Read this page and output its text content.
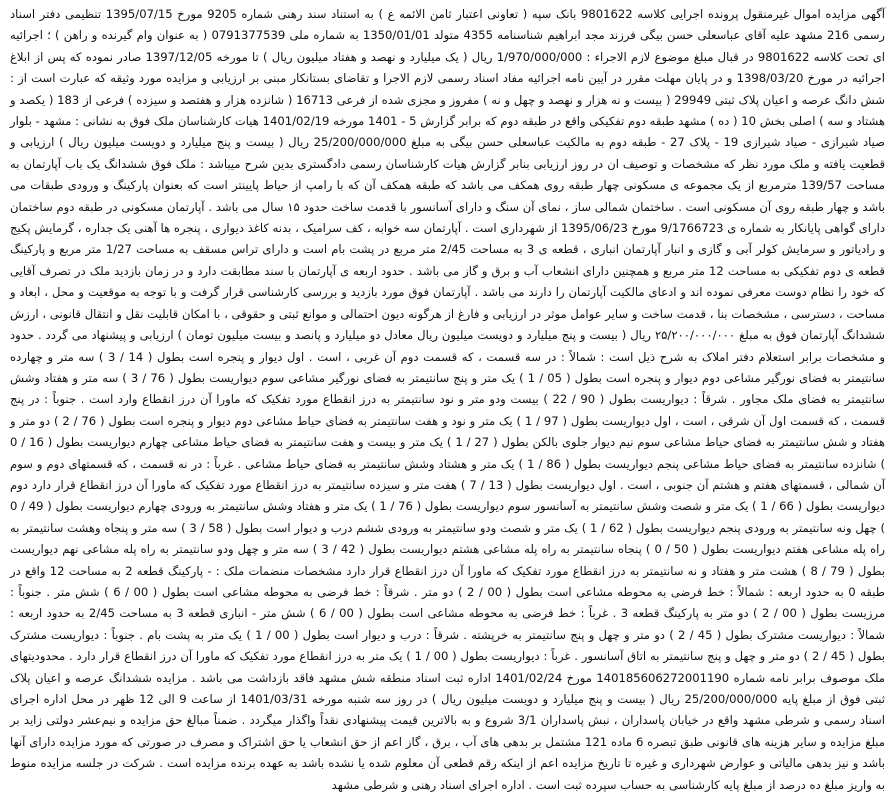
آگهی مزایده اموال غیرمنقول پرونده اجرایی کلاسه 9801622 بانک سپه ( تعاونی اعتبار ثامن الائمه ع ) به استناد سند رهنی شماره 9205 مورخ 1395/07/15 تنظیمی دفتر اسناد رسمی 216 مشهد علیه آقای عباسعلی حسن بیگی فرزند مجد ابراهیم شناسنامه 4355 متولد 1350/01/01 به شماره ملی 0791377539 ( به عنوان وام گیرنده و راهن ) ؛ اجرائیه ای تحت کلاسه 9801622 در قبال مبلغ موضوع لازم الاجراء : 1/970/000/000 ریال ( یک میلیارد و نهصد و هفتاد میلیون ریال ) تا مورخه 1397/12/05 صادر نموده که پس از ابلاغ اجرائیه در مورخ 1398/03/20 و در پایان مهلت مقرر در آیین نامه اجرائیه مفاد اسناد رسمی لازم الاجرا و تقاضای بستانکار مبنی بر ارزیابی و مزایده مورد وثیقه که عبارت است از : شش دانگ عرصه و اعیان پلاک ثبتی 29949 ( بیست و نه هزار و نهصد و چهل و نه ) مفروز و مجزی شده از فرعی 16713 ( شانزده هزار و هفتصد و سیزده ) فرعی از 183 ( یکصد و هشتاد و سه ) اصلی بخش 10 ( ده ) مشهد طبقه دوم تفکیکی واقع در طبقه دوم که برابر گزارش 5 - 1401 مورخه 1401/02/19 هیات کارشناسان ملک فوق به نشانی : مشهد - بلوار صیاد شیرازی - صیاد شیرازی 19 - پلاک 27 - طبقه دوم به مالکیت عباسعلی حسن بیگی به مبلغ 25/200/000/000 ریال ( بیست و پنج میلیارد و دویست میلیون ریال ) ارزیابی و قطعیت یافته و ملک مورد نظر که مشخصات و توصیف ان در روز ارزیابی بنابر گزارش هیات کارشناسان رسمی دادگستری بدین شرح میباشد : ملک فوق ششدانگ یک باب آپارتمان به مساحت 139/57 مترمربع از یک مجموعه ی مسکونی چهار طبقه روی همکف می باشد که طبقه همکف آن که با رامپ از حیاط پایینتر است که بعنوان پارکینگ و ورودی طبقات می باشد و چهار طبقه روی آن مسکونی است . ساختمان شمالی ساز ، نمای آن سنگ و دارای آسانسور با قدمت ساخت حدود ۱۵ سال می باشد . آپارتمان مسکونی در طبقه دوم ساختمان دارای گواهی پایانکار به شماره ی 9/1766723 مورخ 1395/06/23 از شهرداری است . آپارتمان سه خوابه ، کف سرامیک ، بدنه کاغذ دیواری ، پنجره ها آهنی یک جداره ، گرمایش پکیج و رادیاتور و سرمایش کولر آبی و گازی و انبار آپارتمان انباری ، قطعه ی 3 به مساحت 2/45 متر مربع در پشت بام است و دارای تراس مسقف به مساحت 1/27 متر مربع و پارکینگ قطعه ی دوم تفکیکی به مساحت 12 متر مربع و همچنین دارای انشعاب آب و برق و گاز می باشد . حدود اربعه ی آپارتمان با سند مطابقت دارد و در زمان بازدید ملک در تصرف آقایی که خود را نظام دوست معرفی نموده اند و ادعای مالکیت آپارتمان را دارند می باشد . آپارتمان فوق مورد بازدید و بررسی کارشناسی قرار گرفت و با توجه به موقعیت و محل ، ابعاد و مساحت ، دسترسی ، مشخصات بنا ، قدمت ساخت و سایر عوامل موثر در ارزیابی و فارغ از هرگونه دیون احتمالی و موانع ثبتی و حقوقی ، با امکان قابلیت نقل و انتقال قانونی ، ارزش ششدانگ آپارتمان فوق به مبلغ ۲۵/۲۰۰/۰۰۰/۰۰۰ ریال ( بیست و پنج میلیارد و دویست میلیون ریال معادل دو میلیارد و پانصد و بیست میلیون تومان ) ارزیابی و پیشنهاد می گردد . حدود و مشخصات برابر استعلام دفتر املاک به شرح ذیل است : شمالاً : در سه قسمت ، که قسمت دوم آن غربی ، است . اول دیوار و پنجره است بطول ( 14 / 3 ) سه متر و چهارده سانتیمتر به فضای نورگیر مشاعی دوم دیوار و پنجره است بطول ( 05 / 1 ) یک متر و پنج سانتیمتر به فضای نورگیر مشاعی سوم دیواریست بطول ( 76 / 3 ) سه متر و هفتاد وشش سانتیمتر به فضای ملک مجاور . شرقاً : دیواریست بطول ( 90 / 22 ) بیست ودو متر و نود سانتیمتر به درز انقطاع مورد تفکیک که ماورا آن درز انقطاع وارد است . جنوباً : در پنج قسمت ، که قسمت اول آن شرقی ، است ، اول دیواریست بطول ( 97 / 1 ) یک متر و نود و هفت سانتیمتر به فضای حیاط مشاعی دوم دیوار و پنجره است بطول ( 76 / 2 ) دو متر و هفتاد و شش سانتیمتر به فضای حیاط مشاعی سوم نیم دیوار جلوی بالکن بطول ( 27 / 1 ) یک متر و بیست و هفت سانتیمتر به فضای حیاط مشاعی چهارم دیواریست بطول ( 16 / 0 ) شانزده سانتیمتر به فضای حیاط مشاعی پنجم دیواریست بطول ( 86 / 1 ) یک متر و هشتاد وشش سانتیمتر به فضای حیاط مشاعی . غرباً : در نه قسمت ، که قسمتهای دوم و سوم آن شمالی ، قسمتهای هفتم و هشتم آن جنوبی ، است . اول دیواریست بطول ( 13 / 7 ) هفت متر و سیزده سانتیمتر به درز انقطاع مورد تفکیک که ماورا آن درز انقطاع قرار دارد دوم دیواریست بطول ( 66 / 1 ) یک متر و شصت وشش سانتیمتر به آسانسور سوم دیواریست بطول ( 76 / 1 ) یک متر و هفتاد وشش سانتیمتر به ورودی چهارم دیواریست بطول ( 49 / 0 ) چهل ونه سانتیمتر به ورودی پنجم دیواریست بطول ( 62 / 1 ) یک متر و شصت ودو سانتیمتر به ورودی ششم درب و دیوار است بطول ( 58 / 3 ) سه متر و پنجاه وهشت سانتیمتر به راه پله مشاعی هفتم دیواریست بطول ( 50 / 0 ) پنجاه سانتیمتر به راه پله مشاعی هشتم دیواریست بطول ( 42 / 3 ) سه متر و چهل ودو سانتیمتر به راه پله مشاعی نهم دیواریست بطول ( 79 / 8 ) هشت متر و هفتاد و نه سانتیمتر به درز انقطاع مورد تفکیک که ماورا آن درز انقطاع قرار دارد مشخصات منضمات ملک : - پارکینگ قطعه 2 به مساحت 12 واقع در طبقه 0 به حدود اربعه : شمالاً : خط فرضی به محوطه مشاعی است بطول ( 00 / 2 ) دو متر . شرقاً : خط فرضی به محوطه مشاعی است بطول ( 00 / 6 ) شش متر . جنوباً : مرزیست بطول ( 00 / 2 ) دو متر به پارکینگ قطعه 3 . غرباً : خط فرضی به محوطه مشاعی است بطول ( 00 / 6 ) شش متر - انباری قطعه 3 به مساحت 2/45 به حدود اربعه : شمالاً : دیواریست مشترک بطول ( 45 / 2 ) دو متر و چهل و پنج سانتیمتر به خرپشته . شرقاً : درب و دیوار است بطول ( 00 / 1 ) یک متر به پشت بام . جنوباً : دیواریست مشترک بطول ( 45 / 2 ) دو متر و چهل و پنج سانتیمتر به اتاق آسانسور . غرباً : دیواریست بطول ( 00 / 1 ) یک متر به درز انقطاع مورد تفکیک که ماورا آن درز انقطاع قرار دارد . محدودیتهای ملک موصوف برابر نامه شماره 140185606272001190 مورخ 1401/02/24 اداره ثبت اسناد منطقه شش مشهد فاقد بازداشت می باشد . مزایده ششدانگ عرصه و اعیان پلاک ثبتی فوق از مبلغ پایه 25/200/000/000 ریال ( بیست و پنج میلیارد و دویست میلیون ریال ) در روز سه شنبه مورخه 1401/03/31 از ساعت 9 الی 12 ظهر در محل اداره اجرای اسناد رسمی و شرطی مشهد واقع در خیابان پاسداران ، نبش پاسداران 3/1 شروع و به بالاترین قیمت پیشنهادی نقداً واگذار میگردد . ضمناً مبالغ حق مزایده و نیم‌عشر دولتی زاید بر مبلغ مزایده و سایر هزینه های قانونی طبق تبصره 6 ماده 121 مشتمل بر بدهی های آب ، برق ، گاز اعم از حق انشعاب یا حق اشتراک و مصرف در صورتی که مورد مزایده دارای آنها باشد و نیز بدهی مالیاتی و عوارض شهرداری و غیره تا تاریخ مزایده اعم از اینکه رقم قطعی آن معلوم شده یا نشده باشد به عهده برنده مزایده است . شرکت در جلسه مزایده منوط به واریز مبلغ ده درصد از مبلغ پایه کارشناسی به حساب سپرده ثبت است . اداره اجرای اسناد رهنی و شرطی مشهد
